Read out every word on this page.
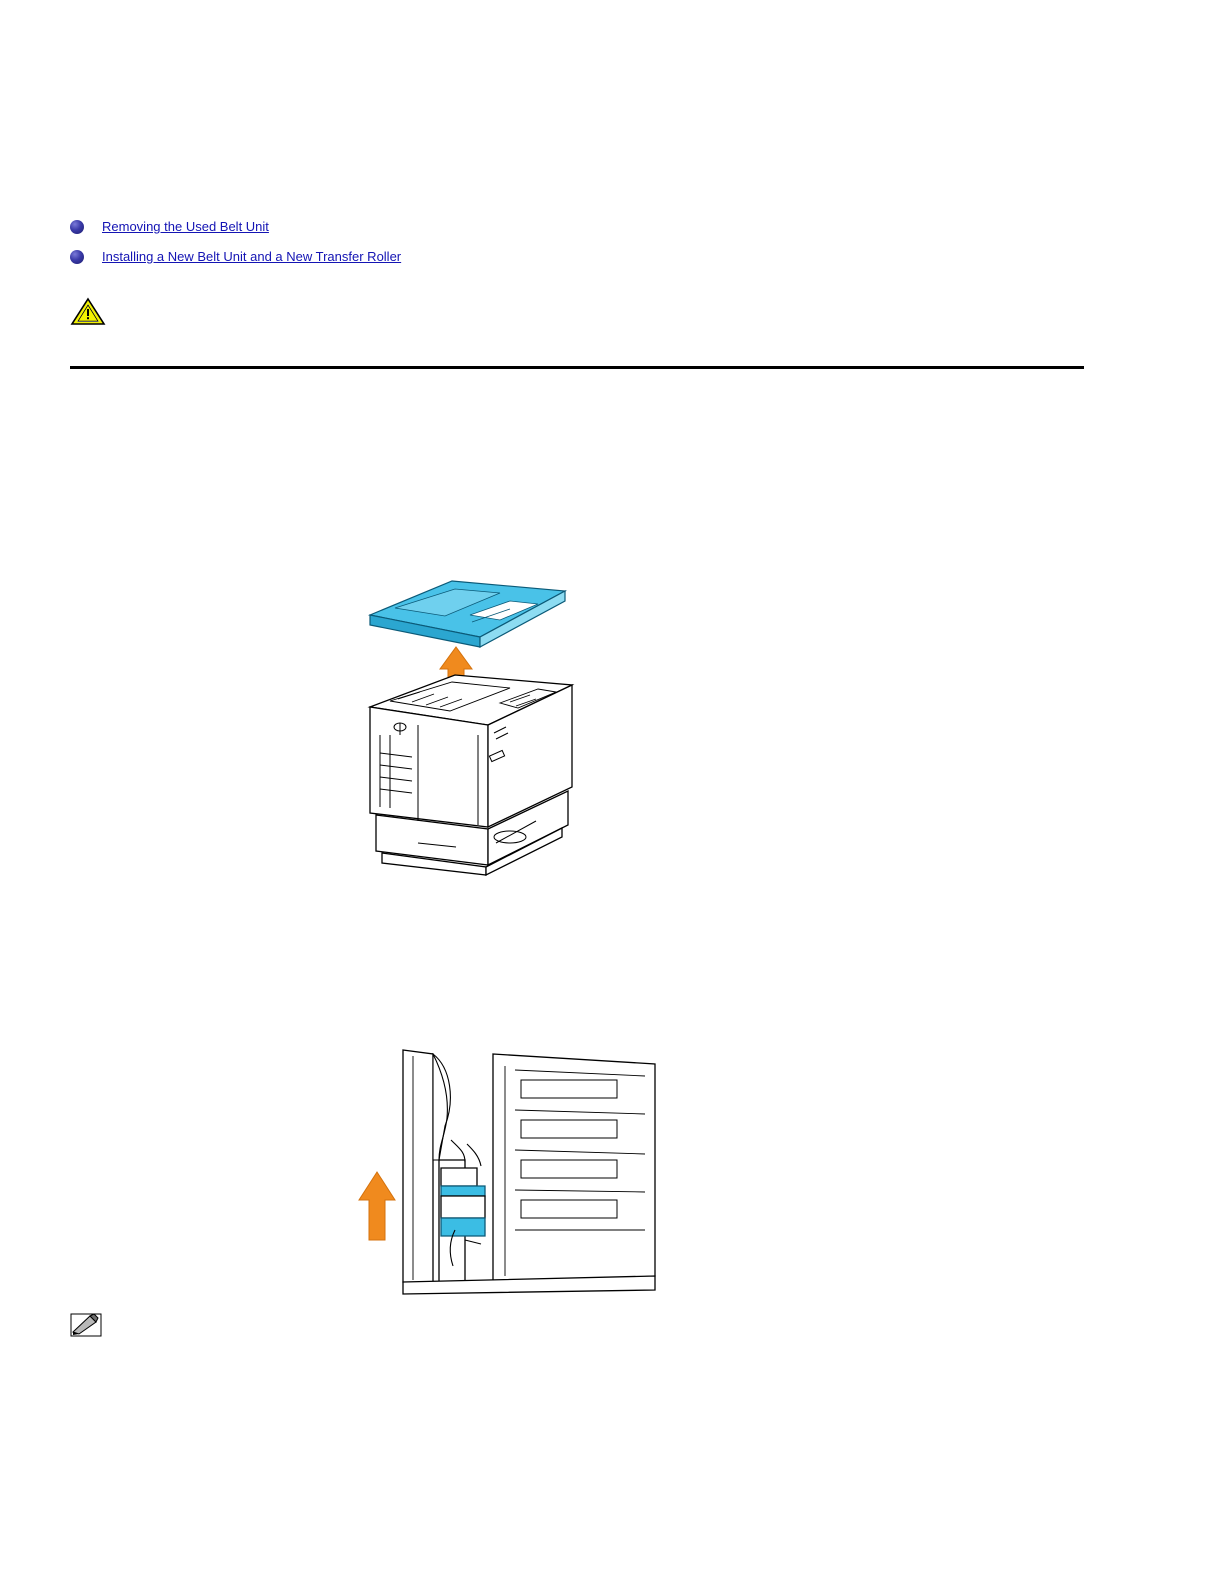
Removing the Used Belt Unit
Installing a New Belt Unit and a New Transfer Roller
